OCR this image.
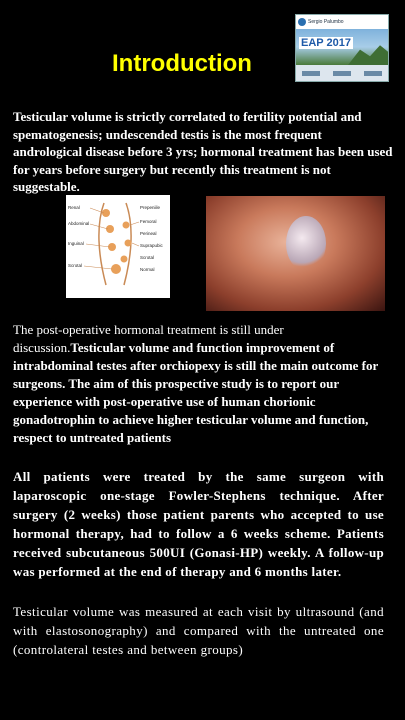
Introduction
Sergio Palumbo
EAP 2017
Testicular volume is strictly correlated to fertility potential and spematogenesis; undescended testis is the most frequent andrological disease before 3 yrs; hormonal treatment has been used for years before surgery but recently this treatment is not suggestable.
Renal
Abdominal
Inguinal
Scrotal
Prepeniile
Femoral
Perineal
Suprapubic
Scrotal
Normal
The post-operative hormonal treatment is still under discussion.Testicular volume and function improvement of intrabdominal testes after orchiopexy is still the main outcome for surgeons. The aim of this prospective study is to report our experience with post-operative use of human chorionic gonadotrophin to achieve higher testicular volume and function, respect to untreated patients
All patients were treated by the same surgeon with laparoscopic one-stage Fowler-Stephens technique. After surgery (2 weeks) those patient parents who accepted to use hormonal therapy, had to follow a 6 weeks scheme. Patients received subcutaneous 500UI (Gonasi-HP) weekly. A follow-up was performed at the end of therapy and 6 months later.
Testicular volume was measured at each visit by ultrasound (and with elastosonography) and compared with the untreated one (controlateral testes and between groups)
